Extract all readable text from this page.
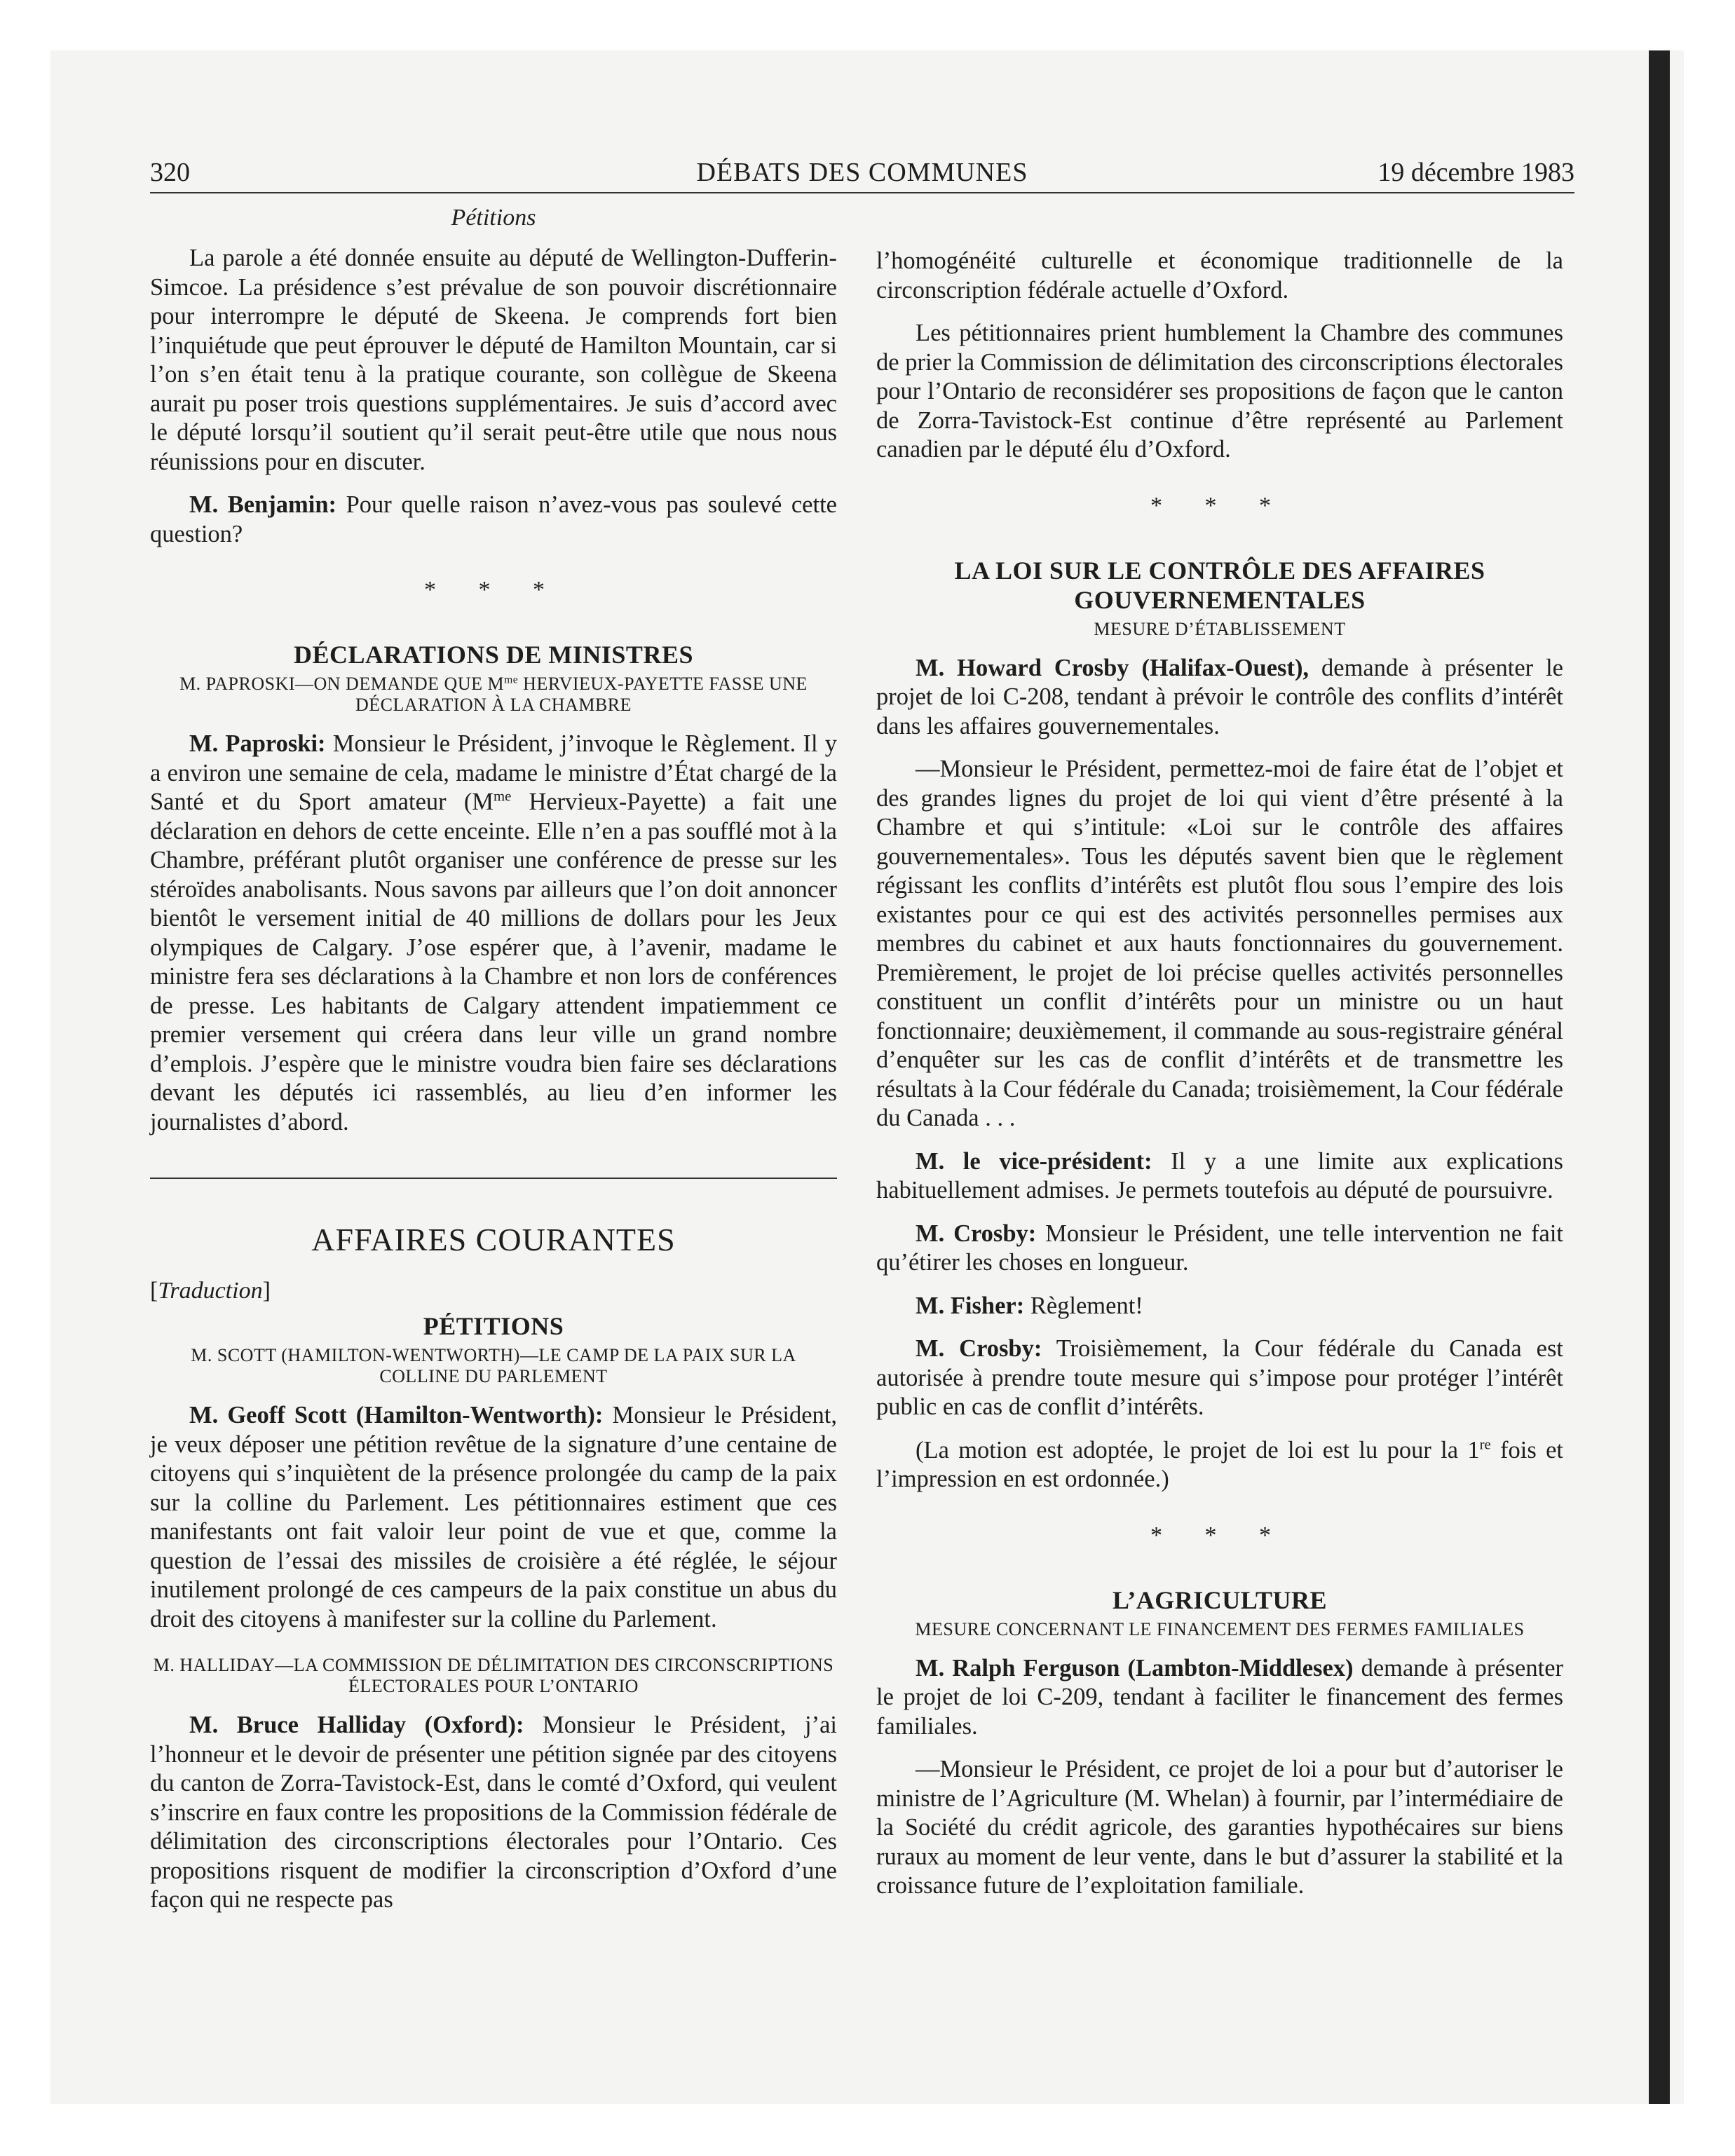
320	DÉBATS DES COMMUNES	19 décembre 1983
Pétitions

La parole a été donnée ensuite au député de Wellington-Dufferin-Simcoe. La présidence s’est prévalue de son pouvoir discrétionnaire pour interrompre le député de Skeena. Je comprends fort bien l’inquiétude que peut éprouver le député de Hamilton Mountain, car si l’on s’en était tenu à la pratique courante, son collègue de Skeena aurait pu poser trois questions supplémentaires. Je suis d’accord avec le député lorsqu’il soutient qu’il serait peut-être utile que nous nous réunissions pour en discuter.

M. Benjamin: Pour quelle raison n’avez-vous pas soulevé cette question?

* * *
DÉCLARATIONS DE MINISTRES
M. PAPROSKI—ON DEMANDE QUE $M^{me}$ HERVIEUX-PAYETTE FASSE UNE DÉCLARATION À LA CHAMBRE

M. Paproski: Monsieur le Président, j’invoque le Règlement. Il y a environ une semaine de cela, madame le ministre d’État chargé de la Santé et du Sport amateur ($M^{me}$ Hervieux-Payette) a fait une déclaration en dehors de cette enceinte. Elle n’en a pas soufflé mot à la Chambre, préférant plutôt organiser une conférence de presse sur les stéroïdes anabolisants. Nous savons par ailleurs que l’on doit annoncer bientôt le versement initial de 40 millions de dollars pour les Jeux olympiques de Calgary. J’ose espérer que, à l’avenir, madame le ministre fera ses déclarations à la Chambre et non lors de conférences de presse. Les habitants de Calgary attendent impatiemment ce premier versement qui créera dans leur ville un grand nombre d’emplois. J’espère que le ministre voudra bien faire ses déclarations devant les députés ici rassemblés, au lieu d’en informer les journalistes d’abord.

AFFAIRES COURANTES
[Traduction]
PÉTITIONS
M. SCOTT (HAMILTON-WENTWORTH)—LE CAMP DE LA PAIX SUR LA COLLINE DU PARLEMENT

M. Geoff Scott (Hamilton-Wentworth): Monsieur le Président, je veux déposer une pétition revêtue de la signature d’une centaine de citoyens qui s’inquiètent de la présence prolongée du camp de la paix sur la colline du Parlement. Les pétitionnaires estiment que ces manifestants ont fait valoir leur point de vue et que, comme la question de l’essai des missiles de croisière a été réglée, le séjour inutilement prolongé de ces campeurs de la paix constitue un abus du droit des citoyens à manifester sur la colline du Parlement.

M. HALLIDAY—LA COMMISSION DE DÉLIMITATION DES CIRCONSCRIPTIONS ÉLECTORALES POUR L’ONTARIO

M. Bruce Halliday (Oxford): Monsieur le Président, j’ai l’honneur et le devoir de présenter une pétition signée par des citoyens du canton de Zorra-Tavistock-Est, dans le comté d’Oxford, qui veulent s’inscrire en faux contre les propositions de la Commission fédérale de délimitation des circonscriptions électorales pour l’Ontario. Ces propositions risquent de modifier la circonscription d’Oxford d’une façon qui ne respecte pas

l’homogénéité culturelle et économique traditionnelle de la circonscription fédérale actuelle d’Oxford.

Les pétitionnaires prient humblement la Chambre des communes de prier la Commission de délimitation des circonscriptions électorales pour l’Ontario de reconsidérer ses propositions de façon que le canton de Zorra-Tavistock-Est continue d’être représenté au Parlement canadien par le député élu d’Oxford.

* * *
LA LOI SUR LE CONTRÔLE DES AFFAIRES GOUVERNEMENTALES
MESURE D’ÉTABLISSEMENT

M. Howard Crosby (Halifax-Ouest), demande à présenter le projet de loi C-208, tendant à prévoir le contrôle des conflits d’intérêt dans les affaires gouvernementales.

—Monsieur le Président, permettez-moi de faire état de l’objet et des grandes lignes du projet de loi qui vient d’être présenté à la Chambre et qui s’intitule: «Loi sur le contrôle des affaires gouvernementales». Tous les députés savent bien que le règlement régissant les conflits d’intérêts est plutôt flou sous l’empire des lois existantes pour ce qui est des activités personnelles permises aux membres du cabinet et aux hauts fonctionnaires du gouvernement. Premièrement, le projet de loi précise quelles activités personnelles constituent un conflit d’intérêts pour un ministre ou un haut fonctionnaire; deuxièmement, il commande au sous-registraire général d’enquêter sur les cas de conflit d’intérêts et de transmettre les résultats à la Cour fédérale du Canada; troisièmement, la Cour fédérale du Canada . . .

M. le vice-président: Il y a une limite aux explications habituellement admises. Je permets toutefois au député de poursuivre.

M. Crosby: Monsieur le Président, une telle intervention ne fait qu’étirer les choses en longueur.

M. Fisher: Règlement!

M. Crosby: Troisièmement, la Cour fédérale du Canada est autorisée à prendre toute mesure qui s’impose pour protéger l’intérêt public en cas de conflit d’intérêts.

(La motion est adoptée, le projet de loi est lu pour la 1re fois et l’impression en est ordonnée.)

* * *
L’AGRICULTURE
MESURE CONCERNANT LE FINANCEMENT DES FERMES FAMILIALES

M. Ralph Ferguson (Lambton-Middlesex) demande à présenter le projet de loi C-209, tendant à faciliter le financement des fermes familiales.

—Monsieur le Président, ce projet de loi a pour but d’autoriser le ministre de l’Agriculture (M. Whelan) à fournir, par l’intermédiaire de la Société du crédit agricole, des garanties hypothécaires sur biens ruraux au moment de leur vente, dans le but d’assurer la stabilité et la croissance future de l’exploitation familiale.
